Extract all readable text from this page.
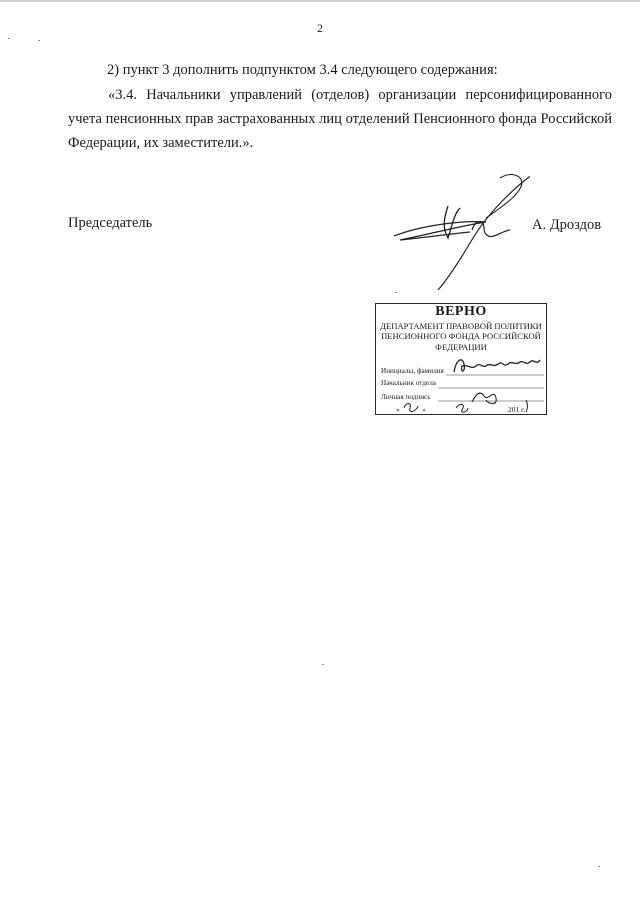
2

2) пункт 3 дополнить подпунктом 3.4 следующего содержания:

«3.4. Начальники управлений (отделов) организации персонифицированного учета пенсионных прав застрахованных лиц отделений Пенсионного фонда Российской Федерации, их заместители.».

Председатель	А. Дроздов
ВЕРНО
ДЕПАРТАМЕНТ ПРАВОВОЙ ПОЛИТИКИ ПЕНСИОННОГО ФОНДА РОССИЙСКОЙ ФЕДЕРАЦИИ
Инициалы, фамилия
Начальник отдела
Личная подпись
«	»	201 г.
